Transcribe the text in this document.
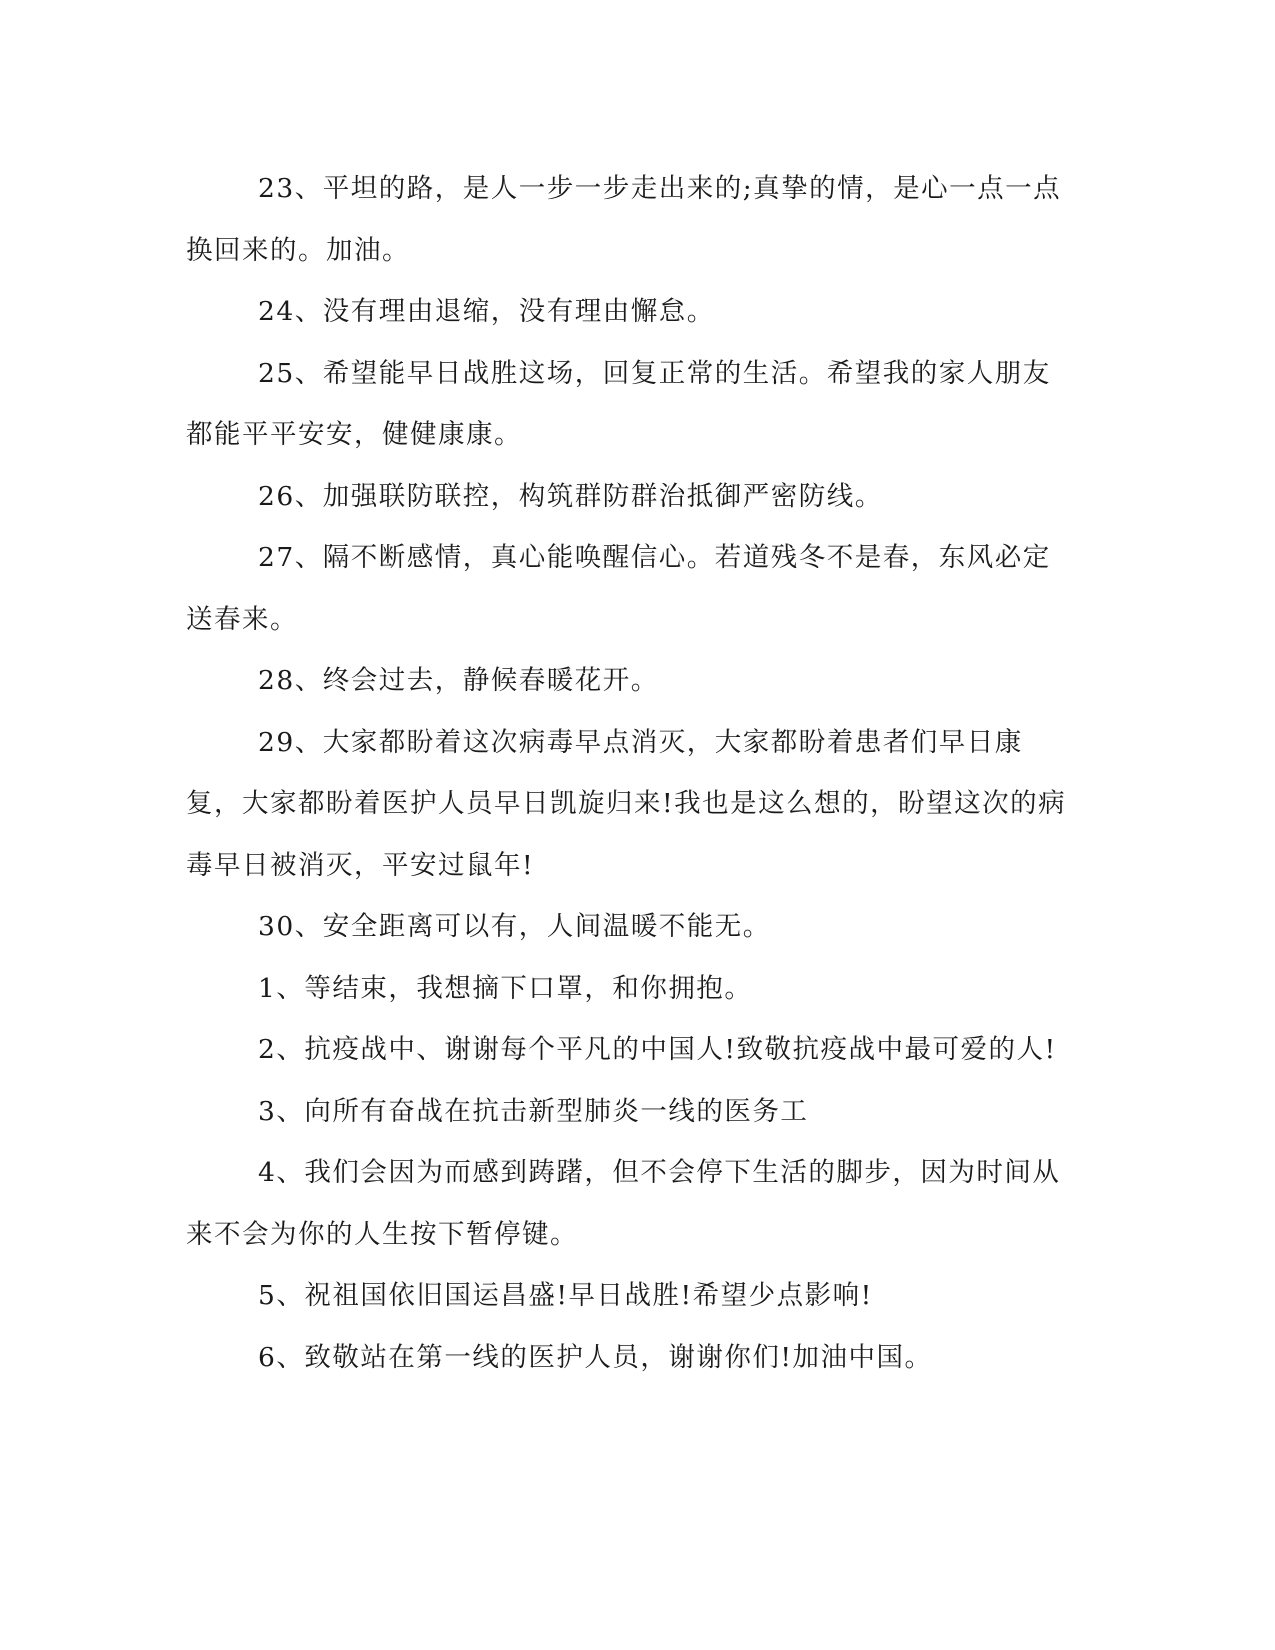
23、平坦的路，是人一步一步走出来的;真挚的情，是心一点一点换回来的。加油。

24、没有理由退缩，没有理由懈怠。

25、希望能早日战胜这场，回复正常的生活。希望我的家人朋友都能平平安安，健健康康。

26、加强联防联控，构筑群防群治抵御严密防线。

27、隔不断感情，真心能唤醒信心。若道残冬不是春，东风必定送春来。

28、终会过去，静候春暖花开。

29、大家都盼着这次病毒早点消灭，大家都盼着患者们早日康复，大家都盼着医护人员早日凯旋归来!我也是这么想的，盼望这次的病毒早日被消灭，平安过鼠年!

30、安全距离可以有，人间温暖不能无。

1、等结束，我想摘下口罩，和你拥抱。

2、抗疫战中、谢谢每个平凡的中国人!致敬抗疫战中最可爱的人!

3、向所有奋战在抗击新型肺炎一线的医务工

4、我们会因为而感到踌躇，但不会停下生活的脚步，因为时间从来不会为你的人生按下暂停键。

5、祝祖国依旧国运昌盛!早日战胜!希望少点影响!

6、致敬站在第一线的医护人员，谢谢你们!加油中国。
